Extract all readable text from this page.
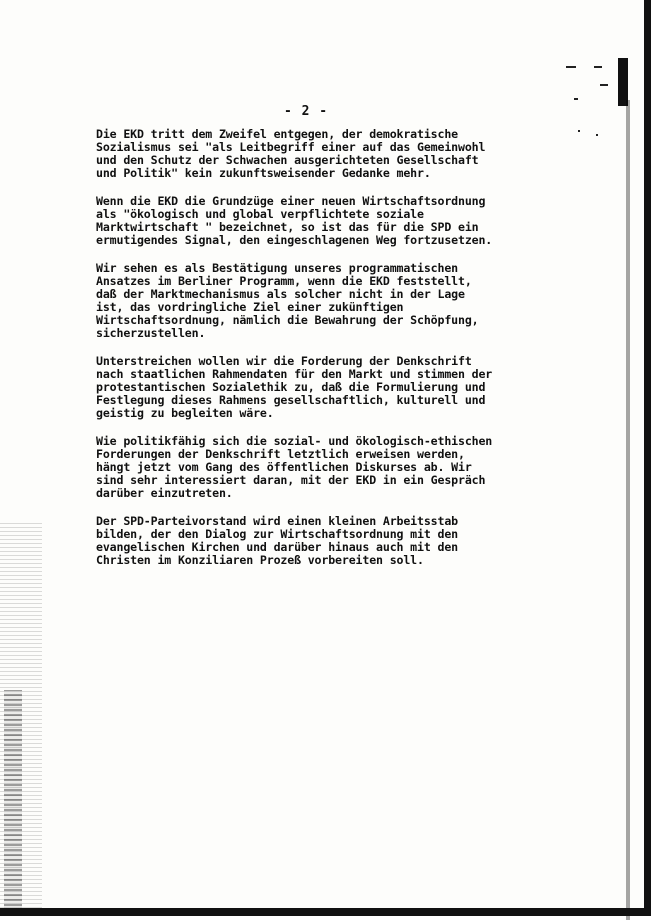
- 2 -

Die EKD tritt dem Zweifel entgegen, der demokratische
Sozialismus sei "als Leitbegriff einer auf das Gemeinwohl
und den Schutz der Schwachen ausgerichteten Gesellschaft
und Politik" kein zukunftsweisender Gedanke mehr.

Wenn die EKD die Grundzüge einer neuen Wirtschaftsordnung
als "ökologisch und global verpflichtete soziale
Marktwirtschaft " bezeichnet, so ist das für die SPD ein
ermutigendes Signal, den eingeschlagenen Weg fortzusetzen.

Wir sehen es als Bestätigung unseres programmatischen
Ansatzes im Berliner Programm, wenn die EKD feststellt,
daß der Marktmechanismus als solcher nicht in der Lage
ist, das vordringliche Ziel einer zukünftigen
Wirtschaftsordnung, nämlich die Bewahrung der Schöpfung,
sicherzustellen.

Unterstreichen wollen wir die Forderung der Denkschrift
nach staatlichen Rahmendaten für den Markt und stimmen der
protestantischen Sozialethik zu, daß die Formulierung und
Festlegung dieses Rahmens gesellschaftlich, kulturell und
geistig zu begleiten wäre.

Wie politikfähig sich die sozial- und ökologisch-ethischen
Forderungen der Denkschrift letztlich erweisen werden,
hängt jetzt vom Gang des öffentlichen Diskurses ab. Wir
sind sehr interessiert daran, mit der EKD in ein Gespräch
darüber einzutreten.

Der SPD-Parteivorstand wird einen kleinen Arbeitsstab
bilden, der den Dialog zur Wirtschaftsordnung mit den
evangelischen Kirchen und darüber hinaus auch mit den
Christen im Konziliaren Prozeß vorbereiten soll.
